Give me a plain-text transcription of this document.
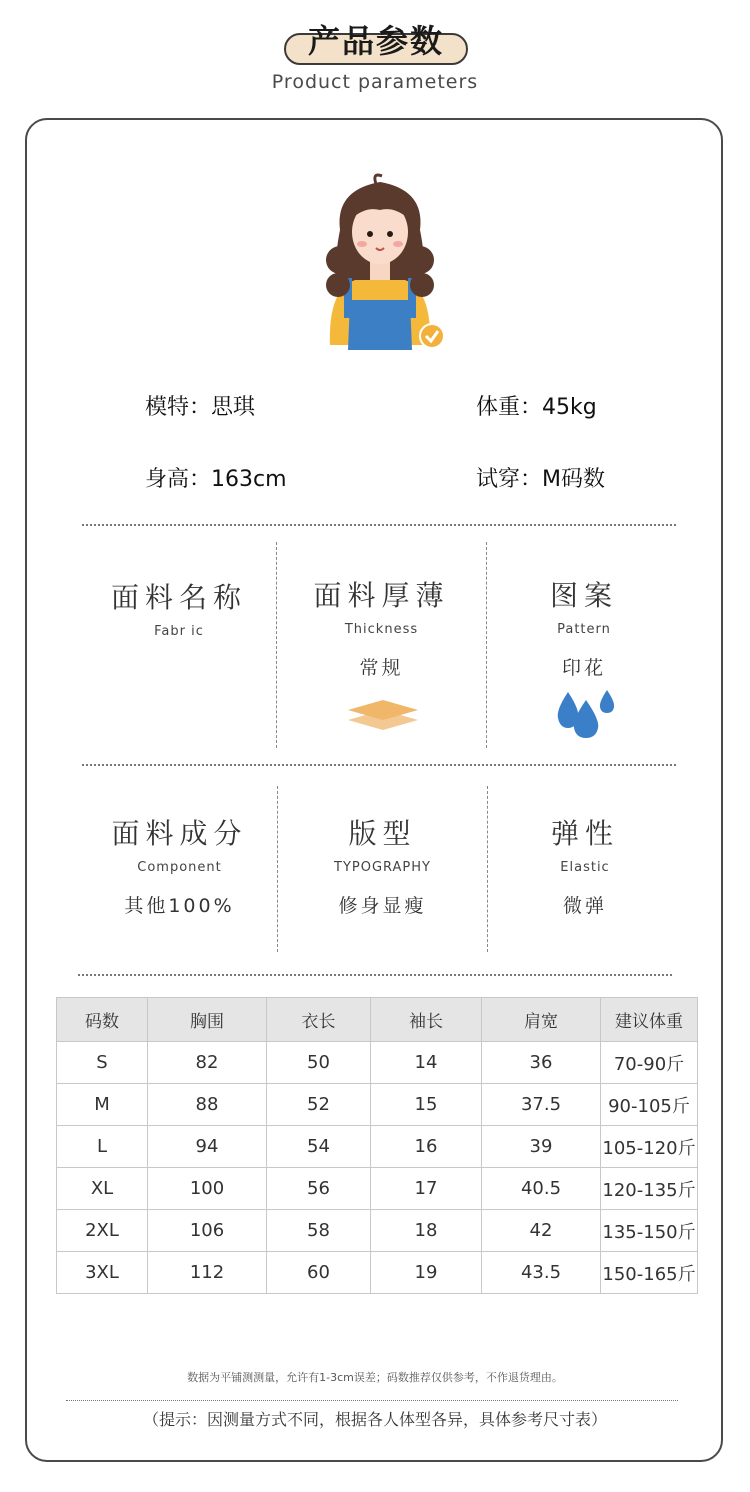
产品参数
Product parameters
模特：思琪	体重：45kg
身高：163cm	试穿：M码数
面料名称
Fabr ic
面料厚薄
Thickness
常规
图案
Pattern
印花
面料成分
Component
其他100%
版型
TYPOGRAPHY
修身显瘦
弹性
Elastic
微弹
码数	胸围	衣长	袖长	肩宽	建议体重
S	82	50	14	36	70-90斤
M	88	52	15	37.5	90-105斤
L	94	54	16	39	105-120斤
XL	100	56	17	40.5	120-135斤
2XL	106	58	18	42	135-150斤
3XL	112	60	19	43.5	150-165斤
数据为平铺测测量，允许有1-3cm误差；码数推荐仅供参考，不作退货理由。
（提示：因测量方式不同，根据各人体型各异，具体参考尺寸表）
